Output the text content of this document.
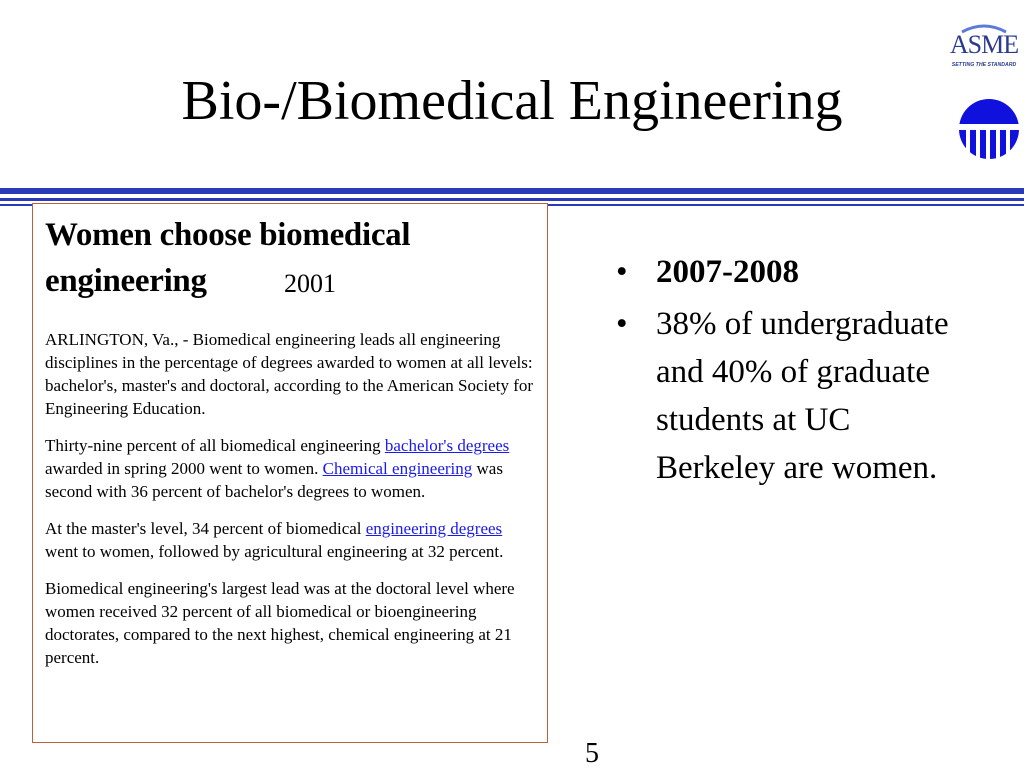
Bio-/Biomedical Engineering
ASME
SETTING THE STANDARD
Women choose biomedical engineering	2001

ARLINGTON, Va., - Biomedical engineering leads all engineering disciplines in the percentage of degrees awarded to women at all levels: bachelor's, master's and doctoral, according to the American Society for Engineering Education.

Thirty-nine percent of all biomedical engineering bachelor's degrees awarded in spring 2000 went to women. Chemical engineering was second with 36 percent of bachelor's degrees to women.

At the master's level, 34 percent of biomedical engineering degrees went to women, followed by agricultural engineering at 32 percent.

Biomedical engineering's largest lead was at the doctoral level where women received 32 percent of all biomedical or bioengineering doctorates, compared to the next highest, chemical engineering at 21 percent.

• 2007-2008
• 38% of undergraduate and 40% of graduate students at UC Berkeley are women.
5
